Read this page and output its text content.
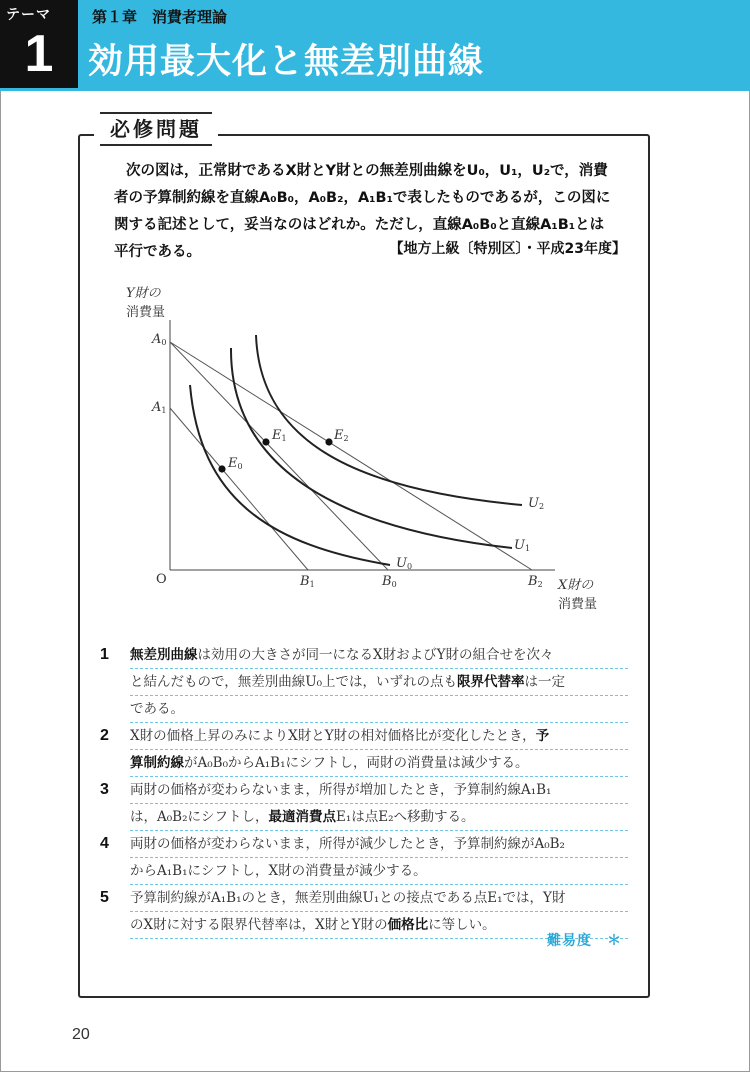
テーマ
1
第１章　消費者理論
効用最大化と無差別曲線
必修問題

次の図は，正常財であるX財とY財との無差別曲線をU₀，U₁，U₂で，消費

者の予算制約線を直線A₀B₀，A₀B₂，A₁B₁で表したものであるが，この図に

関する記述として，妥当なのはどれか。ただし，直線A₀B₀と直線A₁B₁とは

平行である。	【地方上級〔特別区〕・平成23年度】
Y財の
消費量
X財の
消費量
O
$A_0$
$A_1$
$B_1$	$B_0$	$B_2$
$E_0$
$E_1$	$E_2$
$U_0$
$U_1$
$U_2$
1 無差別曲線は効用の大きさが同一になるX財およびY財の組合せを次々
と結んだもので，無差別曲線U₀上では，いずれの点も限界代替率は一定
である。
2 X財の価格上昇のみによりX財とY財の相対価格比が変化したとき，予
算制約線がA₀B₀からA₁B₁にシフトし，両財の消費量は減少する。
3 両財の価格が変わらないまま，所得が増加したとき，予算制約線A₁B₁
は，A₀B₂にシフトし，最適消費点E₁は点E₂へ移動する。
4 両財の価格が変わらないまま，所得が減少したとき，予算制約線がA₀B₂
からA₁B₁にシフトし，X財の消費量が減少する。
5 予算制約線がA₁B₁のとき，無差別曲線U₁との接点である点E₁では，Y財
のX財に対する限界代替率は，X財とY財の価格比に等しい。
難易度　＊
20
